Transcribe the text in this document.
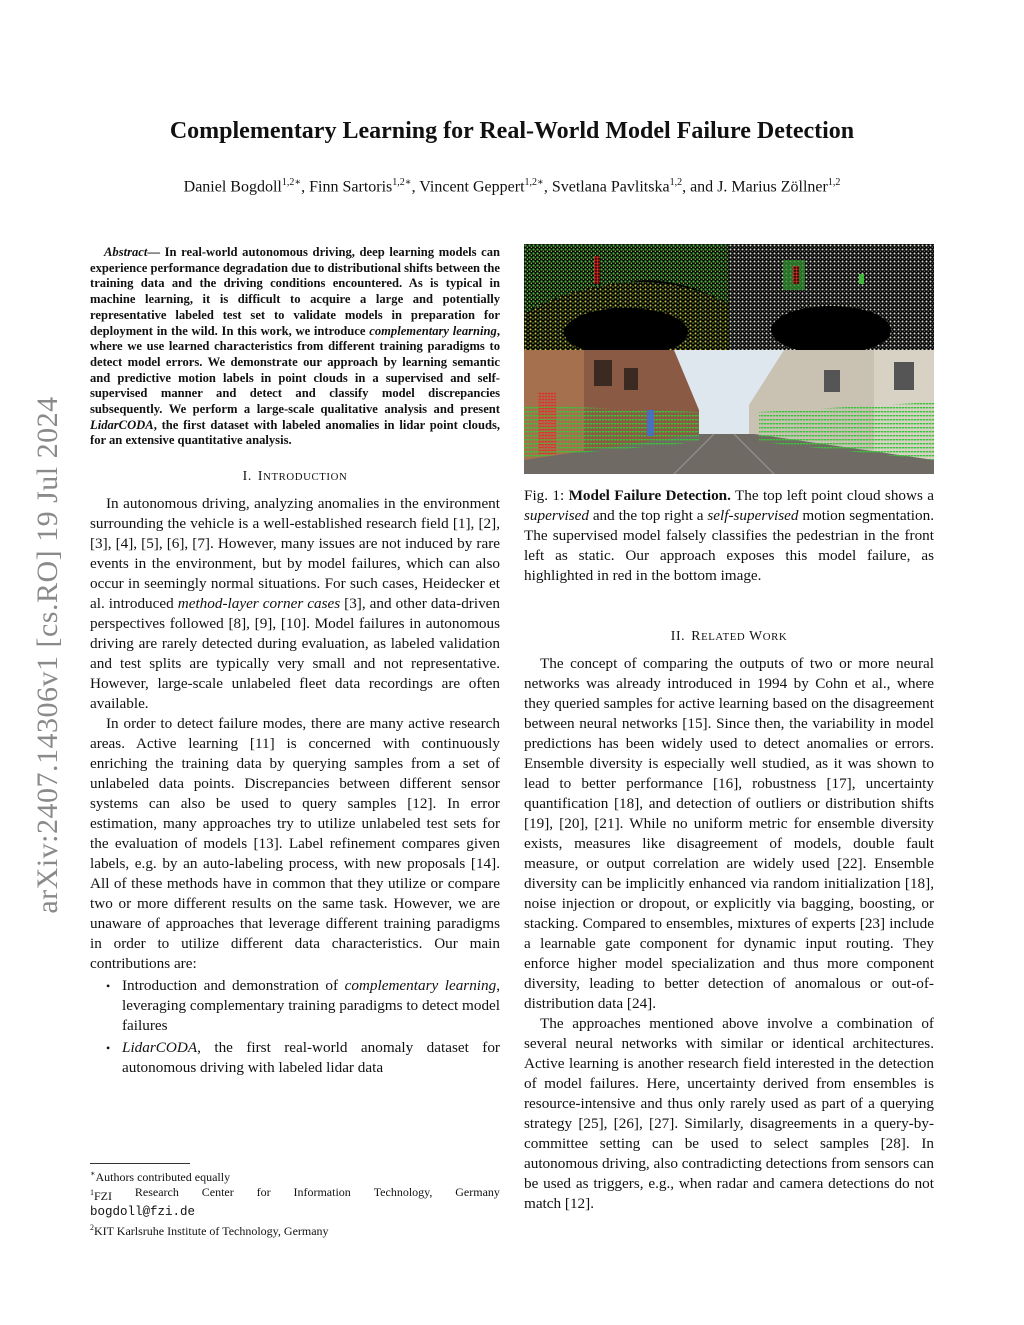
arXiv:2407.14306v1 [cs.RO] 19 Jul 2024
Complementary Learning for Real-World Model Failure Detection
Daniel Bogdoll$^{1,2∗}$, Finn Sartoris$^{1,2∗}$, Vincent Geppert$^{1,2∗}$, Svetlana Pavlitska$^{1,2}$, and J. Marius Zöllner$^{1,2}$

Abstract— In real-world autonomous driving, deep learning models can experience performance degradation due to distributional shifts between the training data and the driving conditions encountered. As is typical in machine learning, it is difficult to acquire a large and potentially representative labeled test set to validate models in preparation for deployment in the wild. In this work, we introduce complementary learning, where we use learned characteristics from different training paradigms to detect model errors. We demonstrate our approach by learning semantic and predictive motion labels in point clouds in a supervised and self-supervised manner and detect and classify model discrepancies subsequently. We perform a large-scale qualitative analysis and present LidarCODA, the first dataset with labeled anomalies in lidar point clouds, for an extensive quantitative analysis.

I. INTRODUCTION

In autonomous driving, analyzing anomalies in the environment surrounding the vehicle is a well-established research field [1], [2], [3], [4], [5], [6], [7]. However, many issues are not induced by rare events in the environment, but by model failures, which can also occur in seemingly normal situations. For such cases, Heidecker et al. introduced method-layer corner cases [3], and other data-driven perspectives followed [8], [9], [10]. Model failures in autonomous driving are rarely detected during evaluation, as labeled validation and test splits are typically very small and not representative. However, large-scale unlabeled fleet data recordings are often available.

In order to detect failure modes, there are many active research areas. Active learning [11] is concerned with continuously enriching the training data by querying samples from a set of unlabeled data points. Discrepancies between different sensor systems can also be used to query samples [12]. In error estimation, many approaches try to utilize unlabeled test sets for the evaluation of models [13]. Label refinement compares given labels, e.g. by an auto-labeling process, with new proposals [14]. All of these methods have in common that they utilize or compare two or more different results on the same task. However, we are unaware of approaches that leverage different training paradigms in order to utilize different data characteristics. Our main contributions are:

• Introduction and demonstration of complementary learning, leveraging complementary training paradigms to detect model failures
• LidarCODA, the first real-world anomaly dataset for autonomous driving with labeled lidar data
∗Authors contributed equally
$^1$FZI Research Center for Information Technology, Germany
bogdoll@fzi.de
$^2$KIT Karlsruhe Institute of Technology, Germany
Fig. 1: Model Failure Detection. The top left point cloud shows a supervised and the top right a self-supervised motion segmentation. The supervised model falsely classifies the pedestrian in the front left as static. Our approach exposes this model failure, as highlighted in red in the bottom image.
II. RELATED WORK

The concept of comparing the outputs of two or more neural networks was already introduced in 1994 by Cohn et al., where they queried samples for active learning based on the disagreement between neural networks [15]. Since then, the variability in model predictions has been widely used to detect anomalies or errors. Ensemble diversity is especially well studied, as it was shown to lead to better performance [16], robustness [17], uncertainty quantification [18], and detection of outliers or distribution shifts [19], [20], [21]. While no uniform metric for ensemble diversity exists, measures like disagreement of models, double fault measure, or output correlation are widely used [22]. Ensemble diversity can be implicitly enhanced via random initialization [18], noise injection or dropout, or explicitly via bagging, boosting, or stacking. Compared to ensembles, mixtures of experts [23] include a learnable gate component for dynamic input routing. They enforce higher model specialization and thus more component diversity, leading to better detection of anomalous or out-of-distribution data [24].

The approaches mentioned above involve a combination of several neural networks with similar or identical architectures. Active learning is another research field interested in the detection of model failures. Here, uncertainty derived from ensembles is resource-intensive and thus only rarely used as part of a querying strategy [25], [26], [27]. Similarly, disagreements in a query-by-committee setting can be used to select samples [28]. In autonomous driving, also contradicting detections from sensors can be used as triggers, e.g., when radar and camera detections do not match [12].
